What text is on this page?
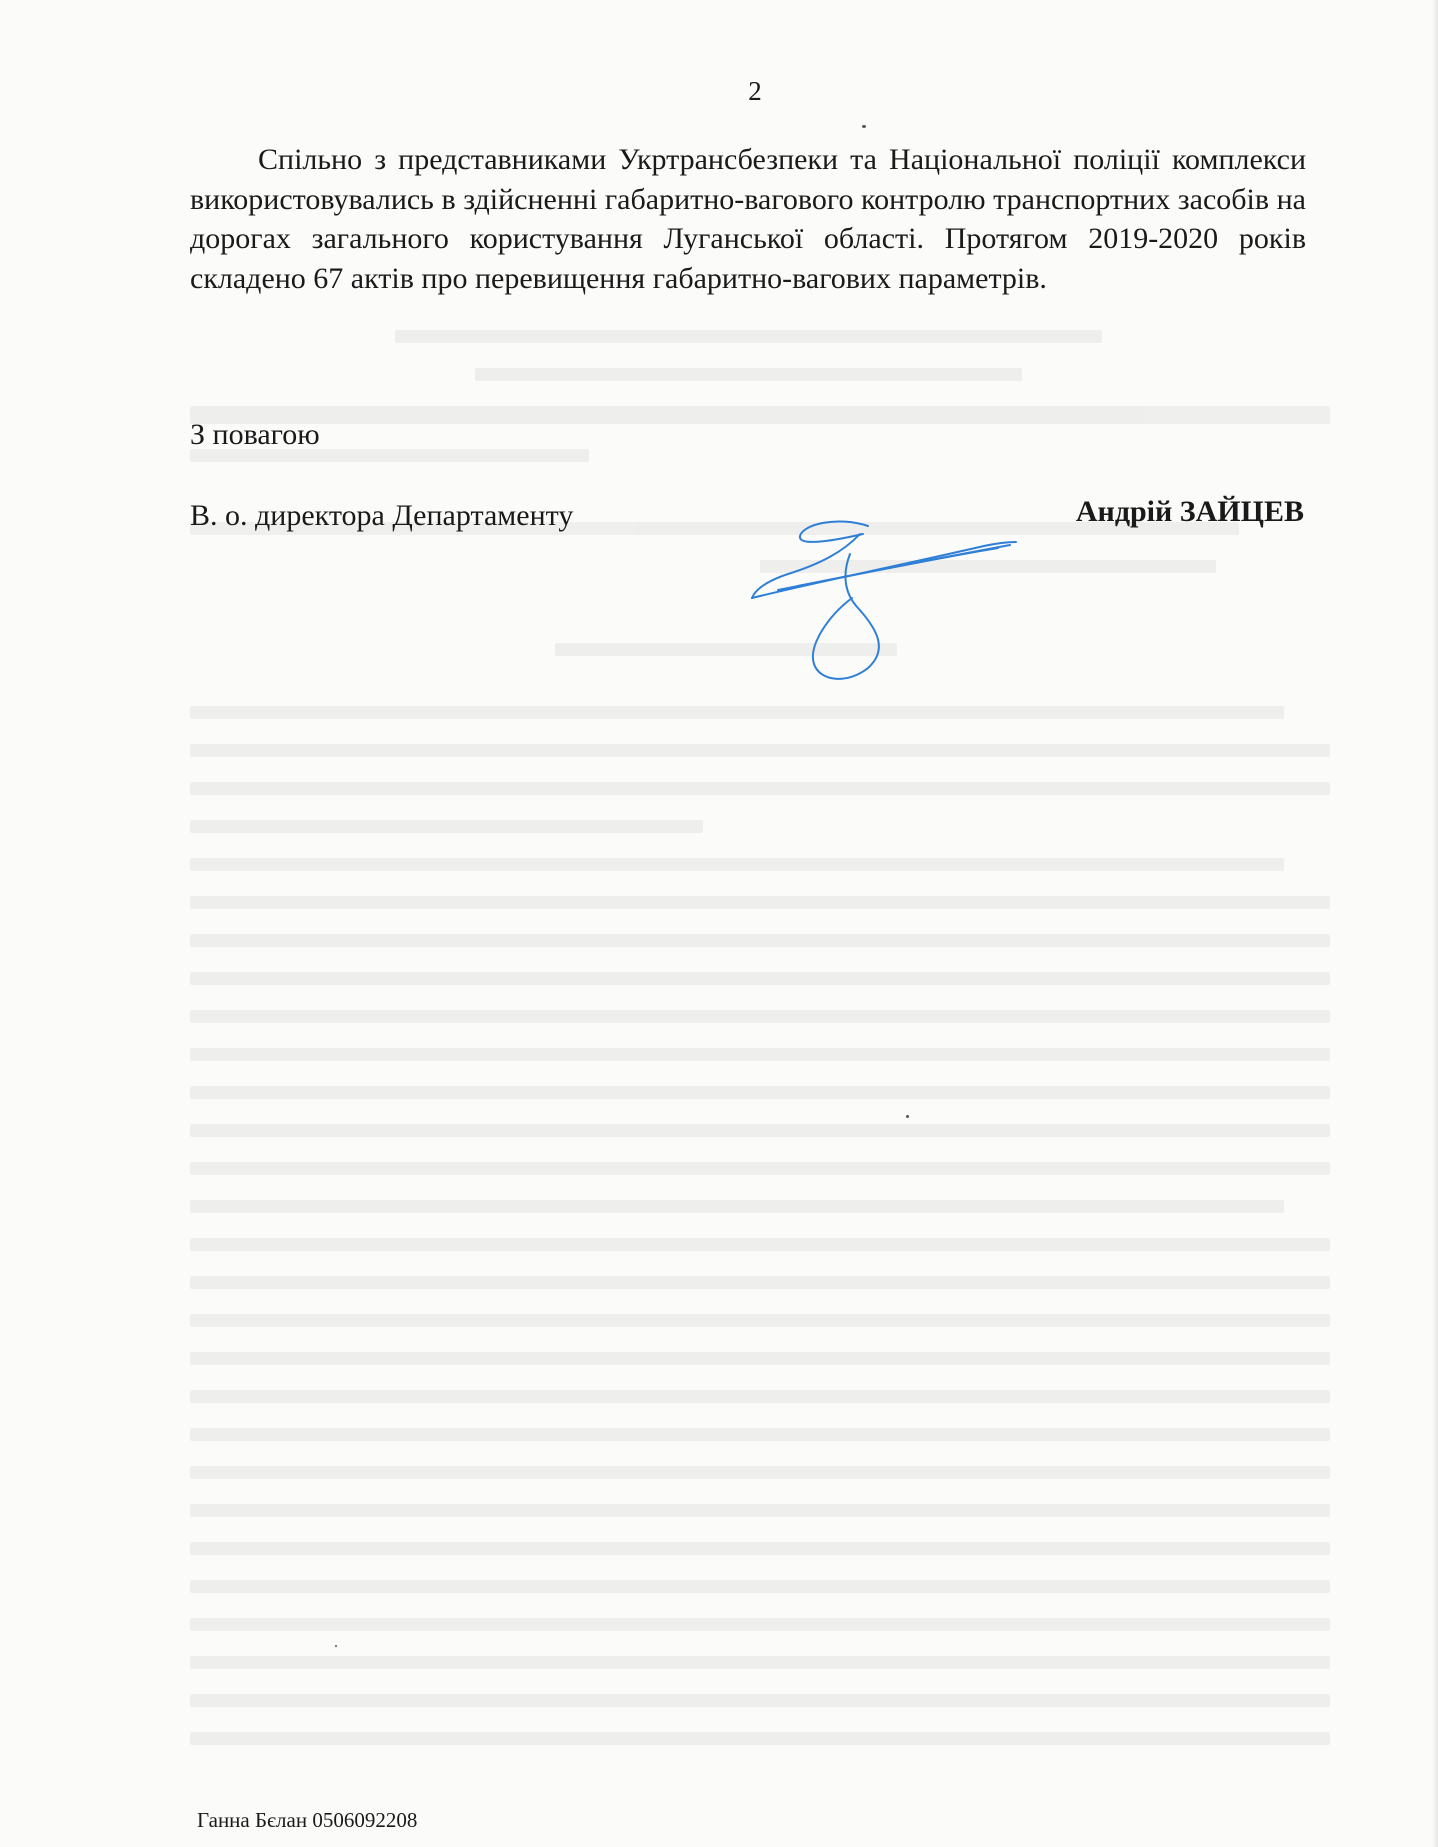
2

Спільно з представниками Укртрансбезпеки та Національної поліції комплекси використовувались в здійсненні габаритно-вагового контролю транспортних засобів на дорогах загального користування Луганської області. Протягом 2019-2020 років складено 67 актів про перевищення габаритно-вагових параметрів.

З повагою
В. о. директора Департаменту	Андрій ЗАЙЦЕВ
Ганна Бєлан 0506092208
